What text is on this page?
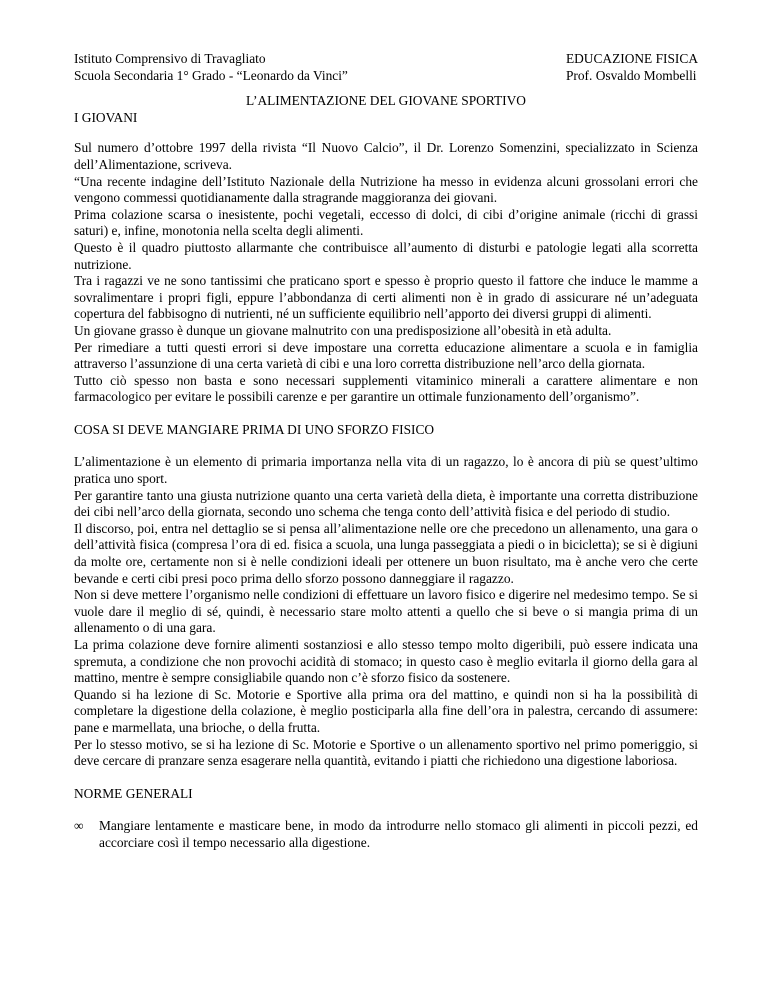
Istituto Comprensivo di Travagliato
Scuola Secondaria 1° Grado - “Leonardo da Vinci”
EDUCAZIONE FISICA
Prof. Osvaldo Mombelli
L’ALIMENTAZIONE DEL GIOVANE SPORTIVO
I GIOVANI

Sul numero d’ottobre 1997 della rivista “Il Nuovo Calcio”, il Dr. Lorenzo Somenzini, specializzato in Scienza dell’Alimentazione, scriveva.

“Una recente indagine dell’Istituto Nazionale della Nutrizione ha messo in evidenza alcuni grossolani errori che vengono commessi quotidianamente dalla stragrande maggioranza dei giovani.

Prima colazione scarsa o inesistente, pochi vegetali, eccesso di dolci, di cibi d’origine animale (ricchi di grassi saturi) e, infine, monotonia nella scelta degli alimenti.

Questo è il quadro piuttosto allarmante che contribuisce all’aumento di disturbi e patologie legati alla scorretta nutrizione.

Tra i ragazzi ve ne sono tantissimi che praticano sport e spesso è proprio questo il fattore che induce le mamme a sovralimentare i propri figli, eppure l’abbondanza di certi alimenti non è in grado di assicurare né un’adeguata copertura del fabbisogno di nutrienti, né un sufficiente equilibrio nell’apporto dei diversi gruppi di alimenti.

Un giovane grasso è dunque un giovane malnutrito con una predisposizione all’obesità in età adulta.

Per rimediare a tutti questi errori si deve impostare una corretta educazione alimentare a scuola e in famiglia attraverso l’assunzione di una certa varietà di cibi e una loro corretta distribuzione nell’arco della giornata.

Tutto ciò spesso non basta e sono necessari supplementi vitaminico minerali a carattere alimentare e non farmacologico per evitare le possibili carenze e per garantire un ottimale funzionamento dell’organismo”.

COSA SI DEVE MANGIARE PRIMA DI UNO SFORZO FISICO

L’alimentazione è un elemento di primaria importanza nella vita di un ragazzo, lo è ancora di più se quest’ultimo pratica uno sport.

Per garantire tanto una giusta nutrizione quanto una certa varietà della dieta, è importante una corretta distribuzione dei cibi nell’arco della giornata, secondo uno schema che tenga conto dell’attività fisica e del periodo di studio.

Il discorso, poi, entra nel dettaglio se si pensa all’alimentazione nelle ore che precedono un allenamento, una gara o dell’attività fisica (compresa l’ora di ed. fisica a scuola, una lunga passeggiata a piedi o in bicicletta); se si è digiuni da molte ore, certamente non si è nelle condizioni ideali per ottenere un buon risultato, ma è anche vero che certe bevande e certi cibi presi poco prima dello sforzo possono danneggiare il ragazzo.

Non si deve mettere l’organismo nelle condizioni di effettuare un lavoro fisico e digerire nel medesimo tempo. Se si vuole dare il meglio di sé, quindi, è necessario stare molto attenti a quello che si beve o si mangia prima di un allenamento o di una gara.

La prima colazione deve fornire alimenti sostanziosi e allo stesso tempo molto digeribili, può essere indicata una spremuta, a condizione che non provochi acidità di stomaco; in questo caso è meglio evitarla il giorno della gara al mattino, mentre è sempre consigliabile quando non c’è sforzo fisico da sostenere.

Quando si ha lezione di Sc. Motorie e Sportive alla prima ora del mattino, e quindi non si ha la possibilità di completare la digestione della colazione, è meglio posticiparla alla fine dell’ora in palestra, cercando di assumere: pane e marmellata, una brioche, o della frutta.

Per lo stesso motivo, se si ha lezione di Sc. Motorie e Sportive o un allenamento sportivo nel primo pomeriggio, si deve cercare di pranzare senza esagerare nella quantità, evitando i piatti che richiedono una digestione laboriosa.

NORME GENERALI
∞	Mangiare lentamente e masticare bene, in modo da introdurre nello stomaco gli alimenti in piccoli pezzi, ed accorciare così il tempo necessario alla digestione.
